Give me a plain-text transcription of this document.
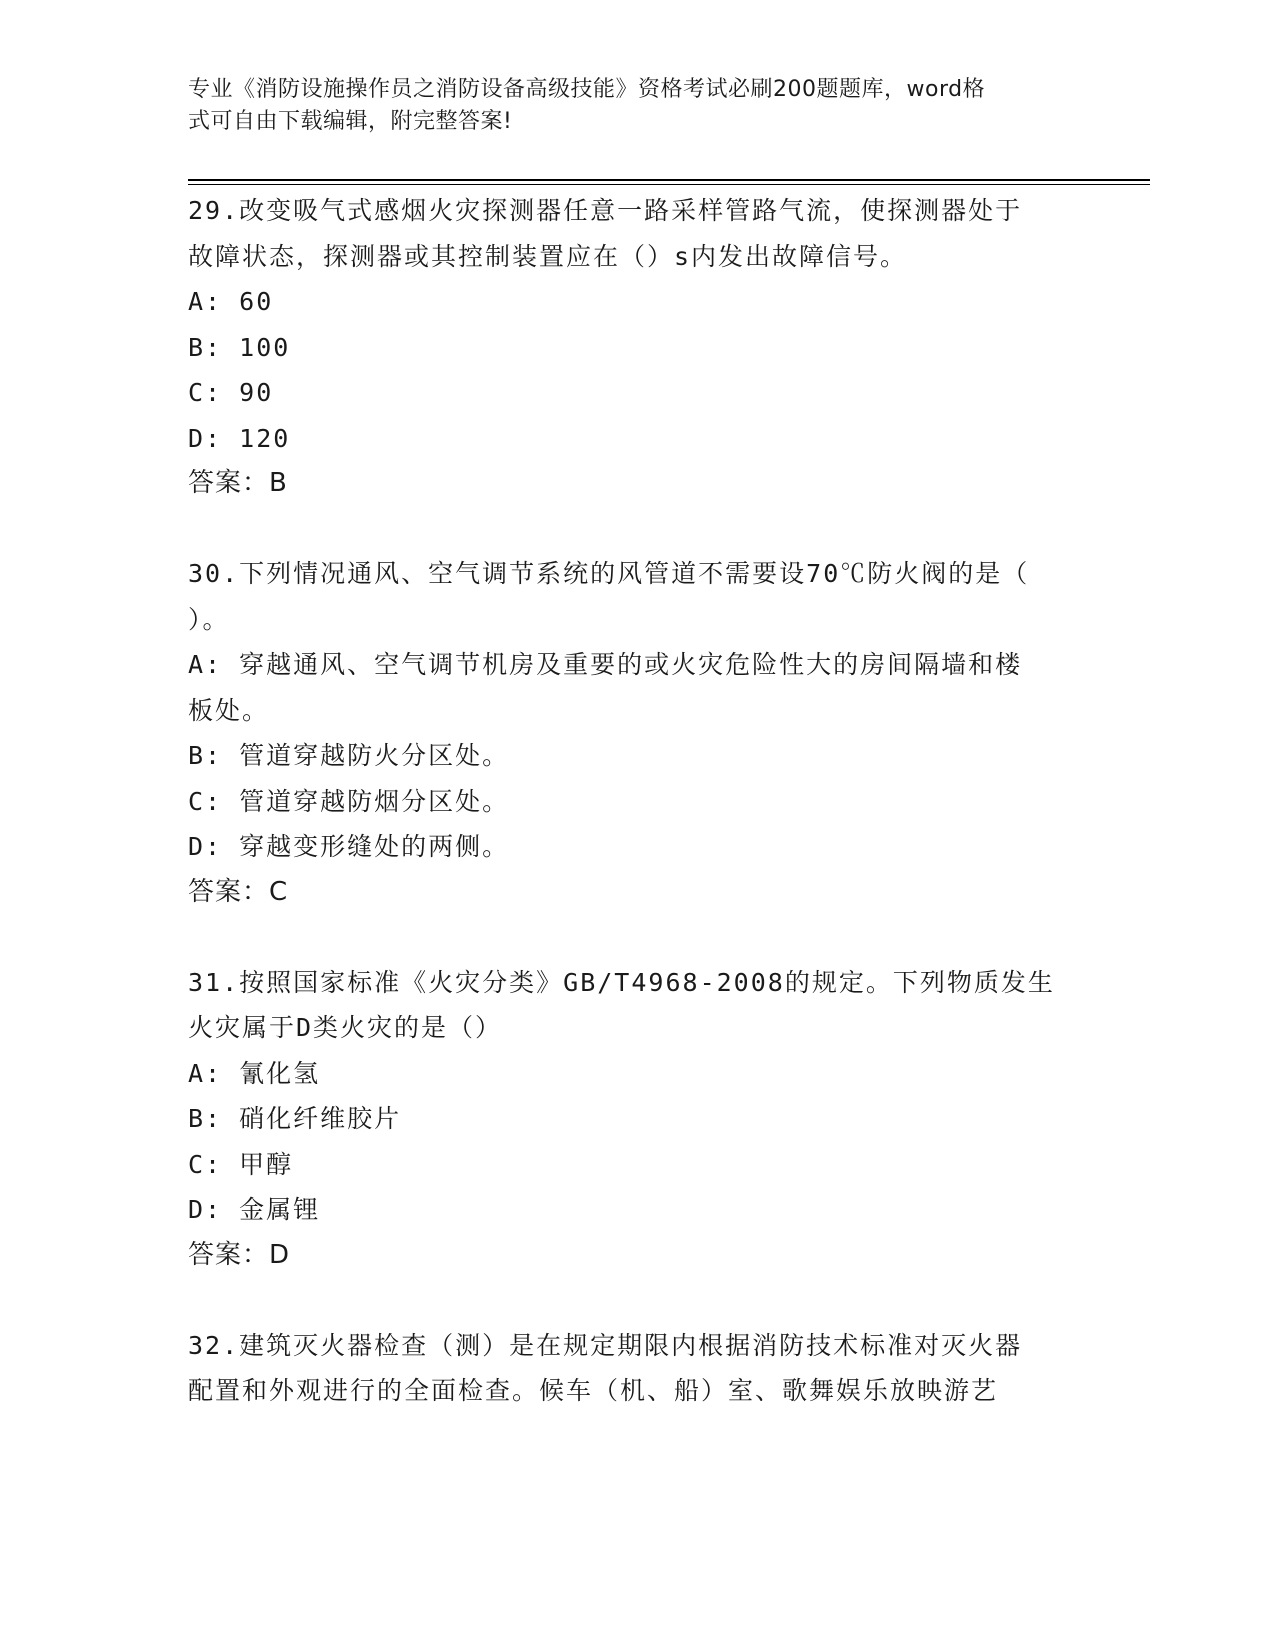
专业《消防设施操作员之消防设备高级技能》资格考试必刷200题题库，word格
式可自由下载编辑，附完整答案!
29.改变吸气式感烟火灾探测器任意一路采样管路气流，使探测器处于
故障状态，探测器或其控制装置应在（）s内发出故障信号。
A: 60
B: 100
C: 90
D: 120
答案：B
30.下列情况通风、空气调节系统的风管道不需要设70℃防火阀的是（
）。
A: 穿越通风、空气调节机房及重要的或火灾危险性大的房间隔墙和楼
板处。
B: 管道穿越防火分区处。
C: 管道穿越防烟分区处。
D: 穿越变形缝处的两侧。
答案：C
31.按照国家标准《火灾分类》GB/T4968-2008的规定。下列物质发生
火灾属于D类火灾的是（）
A: 氰化氢
B: 硝化纤维胶片
C: 甲醇
D: 金属锂
答案：D
32.建筑灭火器检查（测）是在规定期限内根据消防技术标准对灭火器
配置和外观进行的全面检查。候车（机、船）室、歌舞娱乐放映游艺
